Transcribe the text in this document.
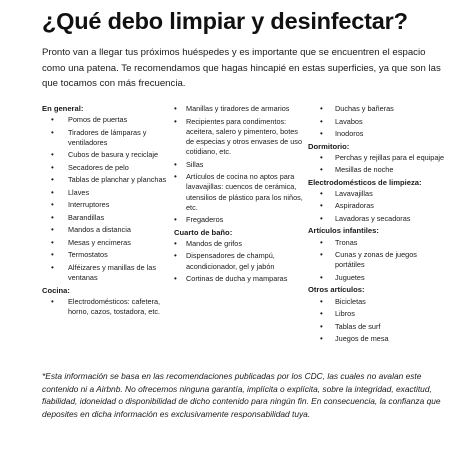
¿Qué debo limpiar y desinfectar?

Pronto van a llegar tus próximos huéspedes y es importante que se encuentren el espacio como una patena. Te recomendamos que hagas hincapié en estas superficies, ya que son las que tocamos con más frecuencia.

En general:
• Pomos de puertas
• Tiradores de lámparas y ventiladores
• Cubos de basura y reciclaje
• Secadores de pelo
• Tablas de planchar y planchas
• Llaves
• Interruptores
• Barandillas
• Mandos a distancia
• Mesas y encimeras
• Termostatos
• Alféizares y manillas de las ventanas
Cocina:
• Electrodomésticos: cafetera, horno, cazos, tostadora, etc.
• Manillas y tiradores de armarios
• Recipientes para condimentos: aceitera, salero y pimentero, botes de especias y otros envases de uso cotidiano, etc.
• Sillas
• Artículos de cocina no aptos para lavavajillas: cuencos de cerámica, utensilios de plástico para los niños, etc.
• Fregaderos
Cuarto de baño:
• Mandos de grifos
• Dispensadores de champú, acondicionador, gel y jabón
• Cortinas de ducha y mamparas
• Duchas y bañeras
• Lavabos
• Inodoros
Dormitorio:
• Perchas y rejillas para el equipaje
• Mesillas de noche
Electrodomésticos de limpieza:
• Lavavajillas
• Aspiradoras
• Lavadoras y secadoras
Artículos infantiles:
• Tronas
• Cunas y zonas de juegos portátiles
• Juguetes
Otros artículos:
• Bicicletas
• Libros
• Tablas de surf
• Juegos de mesa

*Esta información se basa en las recomendaciones publicadas por los CDC, las cuales no avalan este contenido ni a Airbnb. No ofrecemos ninguna garantía, implícita o explícita, sobre la integridad, exactitud, fiabilidad, idoneidad o disponibilidad de dicho contenido para ningún fin. En consecuencia, la confianza que deposites en dicha información es exclusivamente responsabilidad tuya.
